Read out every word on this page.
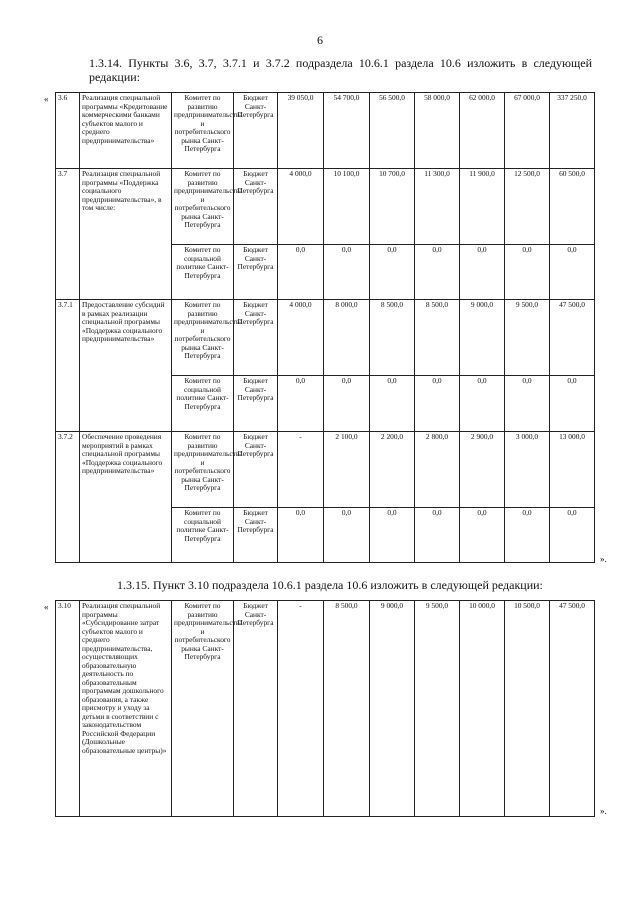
6
1.3.14. Пункты 3.6, 3.7, 3.7.1 и 3.7.2 подраздела 10.6.1 раздела 10.6 изложить в следующей редакции:
« 3.6	Реализация специальной программы «Кредитование коммерческими банками субъектов малого и среднего предпринимательства»	Комитет по развитию предпринимательства и потребительского рынка Санкт-Петербурга	Бюджет Санкт-Петербурга	39 050,0	54 700,0	56 500,0	58 000,0	62 000,0	67 000,0	337 250,0
3.7	Реализация специальной программы «Поддержка социального предпринимательства», в том числе:	Комитет по развитию предпринимательства и потребительского рынка Санкт-Петербурга	Бюджет Санкт-Петербурга	4 000,0	10 100,0	10 700,0	11 300,0	11 900,0	12 500,0	60 500,0
		Комитет по социальной политике Санкт-Петербурга	Бюджет Санкт-Петербурга	0,0	0,0	0,0	0,0	0,0	0,0	0,0
3.7.1	Предоставление субсидий в рамках реализации специальной программы «Поддержка социального предпринимательства»	Комитет по развитию предпринимательства и потребительского рынка Санкт-Петербурга	Бюджет Санкт-Петербурга	4 000,0	8 000,0	8 500,0	8 500,0	9 000,0	9 500,0	47 500,0
		Комитет по социальной политике Санкт-Петербурга	Бюджет Санкт-Петербурга	0,0	0,0	0,0	0,0	0,0	0,0	0,0
3.7.2	Обеспечение проведения мероприятий в рамках специальной программы «Поддержка социального предпринимательства»	Комитет по развитию предпринимательства и потребительского рынка Санкт-Петербурга	Бюджет Санкт-Петербурга	-	2 100,0	2 200,0	2 800,0	2 900,0	3 000,0	13 000,0
		Комитет по социальной политике Санкт-Петербурга	Бюджет Санкт-Петербурга	0,0	0,0	0,0	0,0	0,0	0,0	0,0
».
1.3.15. Пункт 3.10 подраздела 10.6.1 раздела 10.6 изложить в следующей редакции:
« 3.10	Реализация специальной программы «Субсидирование затрат субъектов малого и среднего предпринимательства, осуществляющих образовательную деятельность по образовательным программам дошкольного образования, а также присмотру и уходу за детьми в соответствии с законодательством Российской Федерации (Дошкольные образовательные центры)»	Комитет по развитию предпринимательства и потребительского рынка Санкт-Петербурга	Бюджет Санкт-Петербурга	-	8 500,0	9 000,0	9 500,0	10 000,0	10 500,0	47 500,0
».
